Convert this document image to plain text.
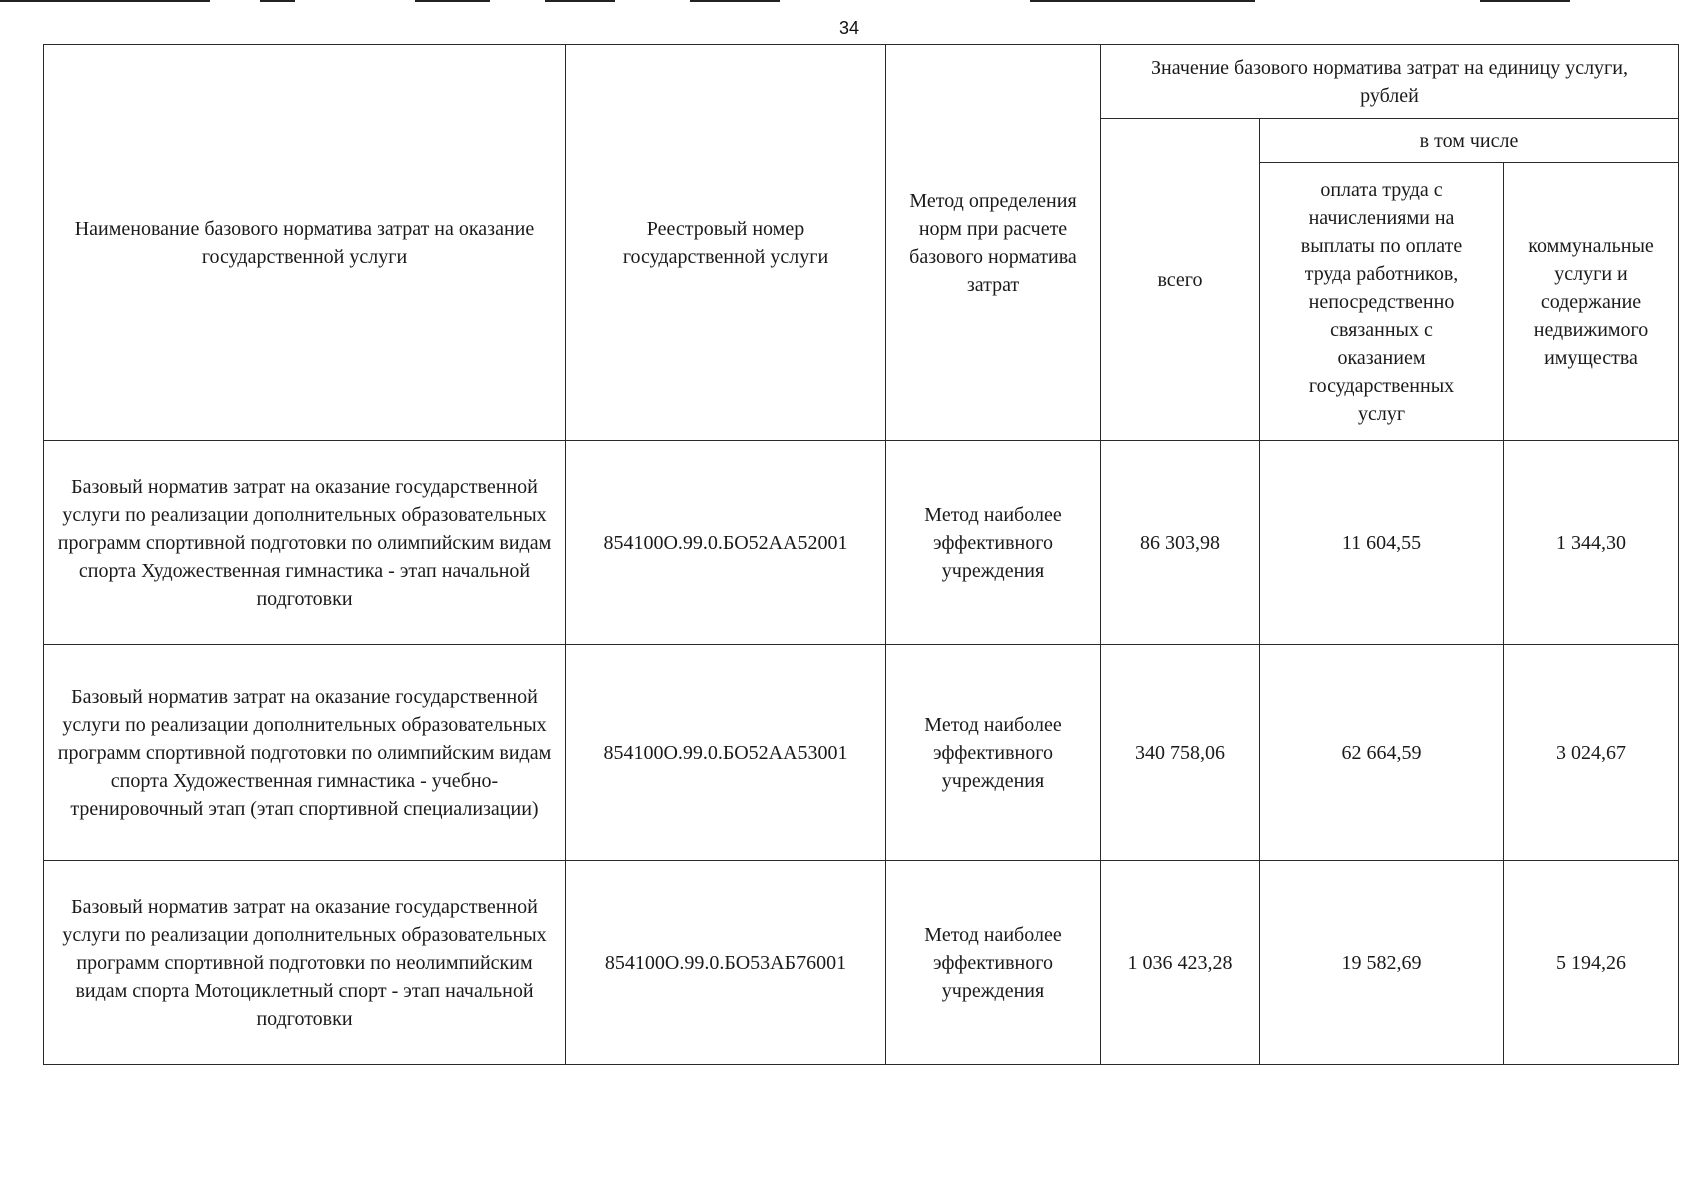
34
Наименование базового норматива затрат на оказание государственной услуги	Реестровый номер государственной услуги	Метод определения норм при расчете базового норматива затрат	Значение базового норматива затрат на единицу услуги, рублей		
			всего	в том числе	
				оплата труда с начислениями на выплаты по оплате труда работников, непосредственно связанных с оказанием государственных услуг	коммунальные услуги и содержание недвижимого имущества
Базовый норматив затрат на оказание государственной услуги по реализации дополнительных образовательных программ спортивной подготовки по олимпийским видам спорта Художественная гимнастика - этап начальной подготовки	854100О.99.0.БО52АА52001	Метод наиболее эффективного учреждения	86 303,98	11 604,55	1 344,30
Базовый норматив затрат на оказание государственной услуги по реализации дополнительных образовательных программ спортивной подготовки по олимпийским видам спорта Художественная гимнастика - учебно-тренировочный этап (этап спортивной специализации)	854100О.99.0.БО52АА53001	Метод наиболее эффективного учреждения	340 758,06	62 664,59	3 024,67
Базовый норматив затрат на оказание государственной услуги по реализации дополнительных образовательных программ спортивной подготовки по неолимпийским видам спорта Мотоциклетный спорт - этап начальной подготовки	854100О.99.0.БО53АБ76001	Метод наиболее эффективного учреждения	1 036 423,28	19 582,69	5 194,26
